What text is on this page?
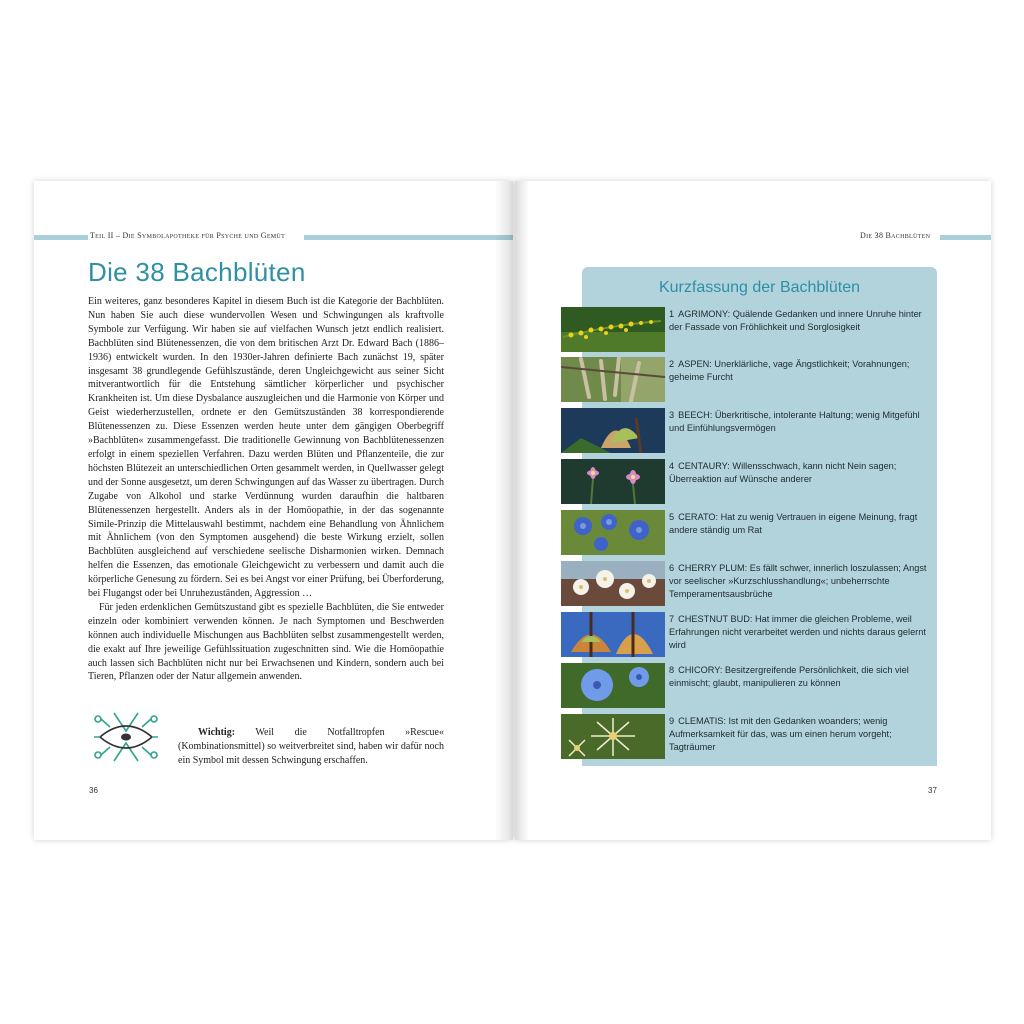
Teil II – Die Symbolapotheke für Psyche und Gemüt
Die 38 Bachblüten

Ein weiteres, ganz besonderes Kapitel in diesem Buch ist die Kategorie der Bachblüten. Nun haben Sie auch diese wundervollen Wesen und Schwingungen als kraftvolle Symbole zur Verfügung. Wir haben sie auf vielfachen Wunsch jetzt endlich realisiert. Bachblüten sind Blütenessenzen, die von dem britischen Arzt Dr. Edward Bach (1886–1936) entwickelt wurden. In den 1930er-Jahren definierte Bach zunächst 19, später insgesamt 38 grundlegende Gefühlszustände, deren Ungleichgewicht aus seiner Sicht mitverantwortlich für die Entstehung sämtlicher körperlicher und psychischer Krankheiten ist. Um diese Dysbalance auszugleichen und die Harmonie von Körper und Geist wiederherzustellen, ordnete er den Gemütszuständen 38 korrespondierende Blütenessenzen zu. Diese Essenzen werden heute unter dem gängigen Oberbegriff »Bachblüten« zusammengefasst. Die traditionelle Gewinnung von Bachblütenessenzen erfolgt in einem speziellen Verfahren. Dazu werden Blüten und Pflanzenteile, die zur höchsten Blütezeit an unterschiedlichen Orten gesammelt werden, in Quellwasser gelegt und der Sonne ausgesetzt, um deren Schwingungen auf das Wasser zu übertragen. Durch Zugabe von Alkohol und starke Verdünnung wurden daraufhin die haltbaren Blütenessenzen hergestellt. Anders als in der Homöopathie, in der das sogenannte Simile-Prinzip die Mittelauswahl bestimmt, nachdem eine Behandlung von Ähnlichem mit Ähnlichem (von den Symptomen ausgehend) die beste Wirkung erzielt, sollen Bachblüten ausgleichend auf verschiedene seelische Disharmonien wirken. Demnach helfen die Essenzen, das emotionale Gleichgewicht zu verbessern und damit auch die körperliche Genesung zu fördern. Sei es bei Angst vor einer Prüfung, bei Überforderung, bei Flugangst oder bei Unruhezuständen, Aggression …

Für jeden erdenklichen Gemütszustand gibt es spezielle Bachblüten, die Sie entweder einzeln oder kombiniert verwenden können. Je nach Symptomen und Beschwerden können auch individuelle Mischungen aus Bachblüten selbst zusammengestellt werden, die exakt auf Ihre jeweilige Gefühlssituation zugeschnitten sind. Wie die Homöopathie auch lassen sich Bachblüten nicht nur bei Erwachsenen und Kindern, sondern auch bei Tieren, Pflanzen oder der Natur allgemein anwenden.

Wichtig: Weil die Notfalltropfen »Rescue« (Kombinationsmittel) so weitverbreitet sind, haben wir dafür noch ein Symbol mit dessen Schwingung erschaffen.

36
Die 38 Bachblüten
Kurzfassung der Bachblüten
1 AGRIMONY: Quälende Gedanken und innere Unruhe hinter der Fassade von Fröhlichkeit und Sorglosigkeit
2 ASPEN: Unerklärliche, vage Ängstlichkeit; Vorahnungen; geheime Furcht
3 BEECH: Überkritische, intolerante Haltung; wenig Mitgefühl und Einfühlungsvermögen
4 CENTAURY: Willensschwach, kann nicht Nein sagen; Überreaktion auf Wünsche anderer
5 CERATO: Hat zu wenig Vertrauen in eigene Meinung, fragt andere ständig um Rat
6 CHERRY PLUM: Es fällt schwer, innerlich loszulassen; Angst vor seelischer »Kurzschlusshandlung«; unbeherrschte Temperamentsausbrüche
7 CHESTNUT BUD: Hat immer die gleichen Probleme, weil Erfahrungen nicht verarbeitet werden und nichts daraus gelernt wird
8 CHICORY: Besitzergreifende Persönlichkeit, die sich viel einmischt; glaubt, manipulieren zu können
9 CLEMATIS: Ist mit den Gedanken woanders; wenig Aufmerksamkeit für das, was um einen herum vorgeht; Tagträumer
37
